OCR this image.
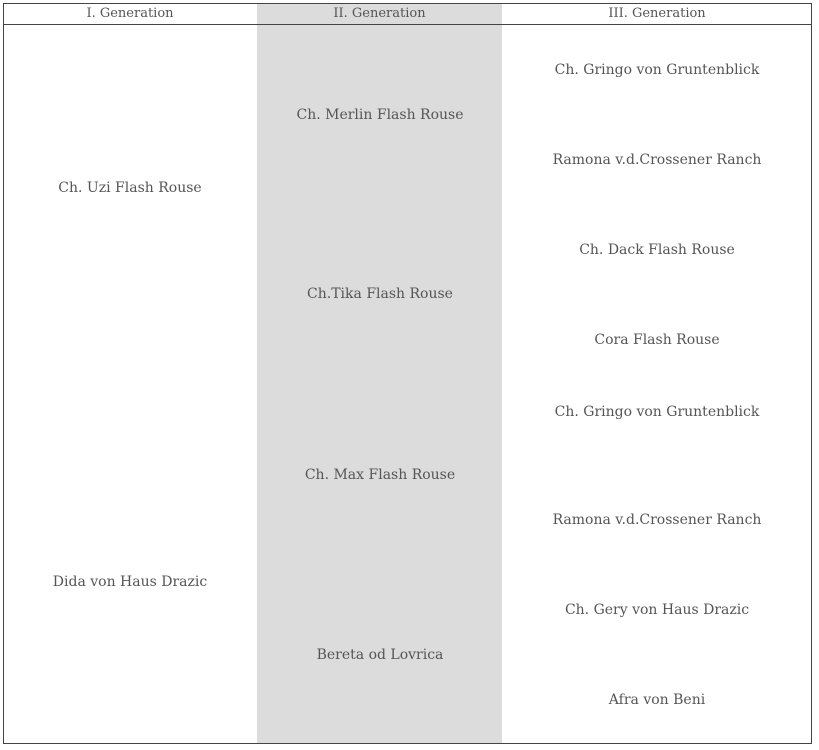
I. Generation	II. Generation	III. Generation
Ch. Uzi Flash Rouse
Dida von Haus Drazic
Ch. Merlin Flash Rouse
Ch.Tika Flash Rouse
Ch. Max Flash Rouse
Bereta od Lovrica
Ch. Gringo von Gruntenblick
Ramona v.d.Crossener Ranch
Ch. Dack Flash Rouse
Cora Flash Rouse
Ch. Gringo von Gruntenblick
Ramona v.d.Crossener Ranch
Ch. Gery von Haus Drazic
Afra von Beni
